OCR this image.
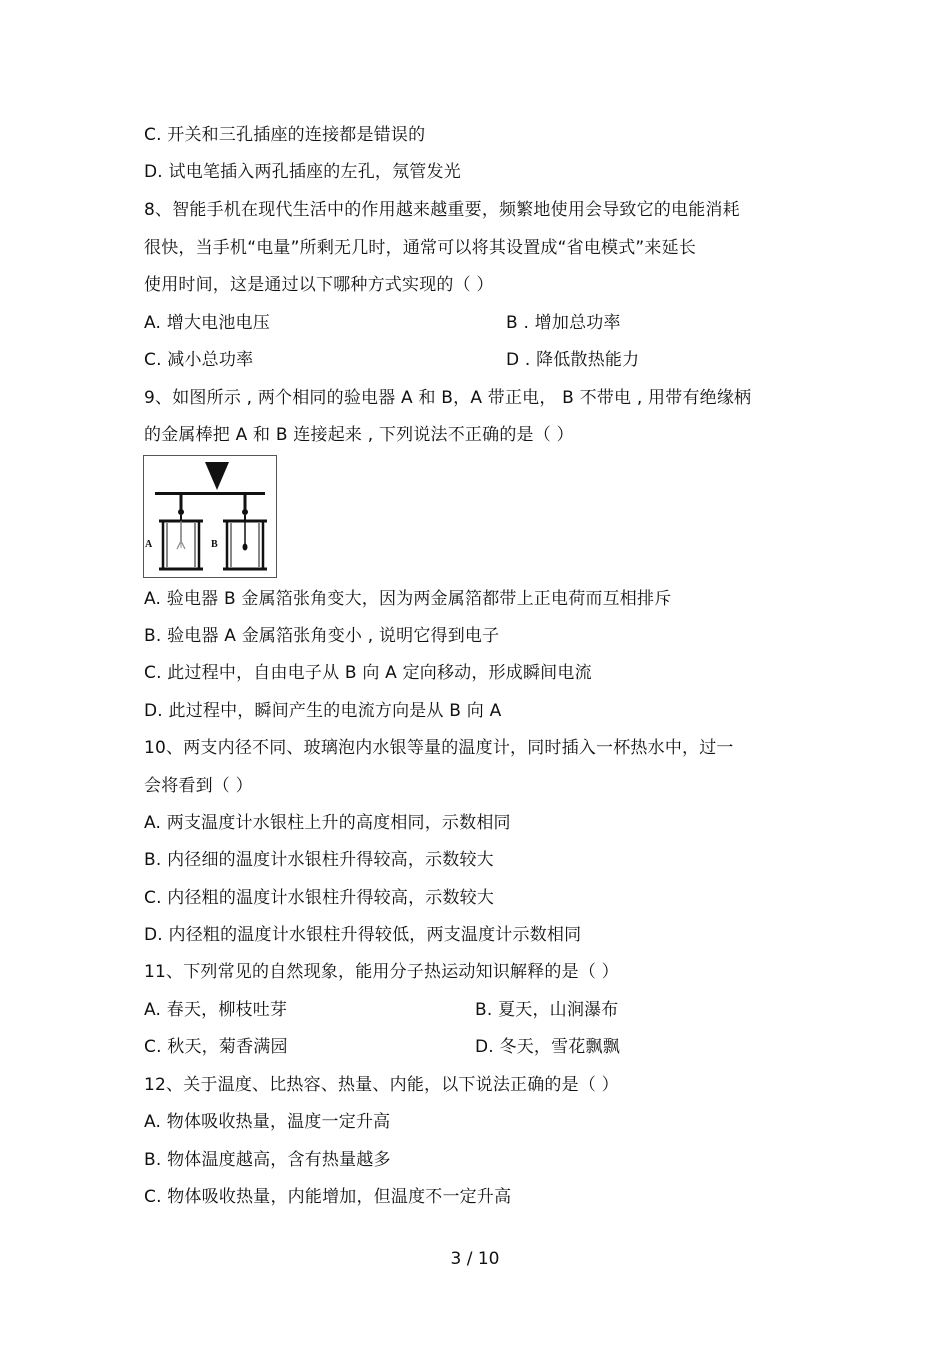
C. 开关和三孔插座的连接都是错误的
D. 试电笔插入两孔插座的左孔，氖管发光
8、智能手机在现代生活中的作用越来越重要，频繁地使用会导致它的电能消耗
很快，当手机“电量”所剩无几时，通常可以将其设置成“省电模式”来延长
使用时间，这是通过以下哪种方式实现的（ ）
A. 增大电池电压	B . 增加总功率
C. 减小总功率	D . 降低散热能力
9、如图所示 , 两个相同的验电器 A 和 B，A 带正电， B 不带电 , 用带有绝缘柄
的金属棒把 A 和 B 连接起来 , 下列说法不正确的是（ ）
A	B
A. 验电器 B 金属箔张角变大，因为两金属箔都带上正电荷而互相排斥
B. 验电器 A 金属箔张角变小 , 说明它得到电子
C. 此过程中，自由电子从 B 向 A 定向移动，形成瞬间电流
D. 此过程中，瞬间产生的电流方向是从 B 向 A
10、两支内径不同、玻璃泡内水银等量的温度计，同时插入一杯热水中，过一
会将看到（ ）
A. 两支温度计水银柱上升的高度相同，示数相同
B. 内径细的温度计水银柱升得较高，示数较大
C. 内径粗的温度计水银柱升得较高，示数较大
D. 内径粗的温度计水银柱升得较低，两支温度计示数相同
11、下列常见的自然现象，能用分子热运动知识解释的是（ ）
A. 春天，柳枝吐芽	B. 夏天，山涧瀑布
C. 秋天，菊香满园	D. 冬天，雪花飘飘
12、关于温度、比热容、热量、内能，以下说法正确的是（ ）
A. 物体吸收热量，温度一定升高
B. 物体温度越高，含有热量越多
C. 物体吸收热量，内能增加，但温度不一定升高
3 / 10
